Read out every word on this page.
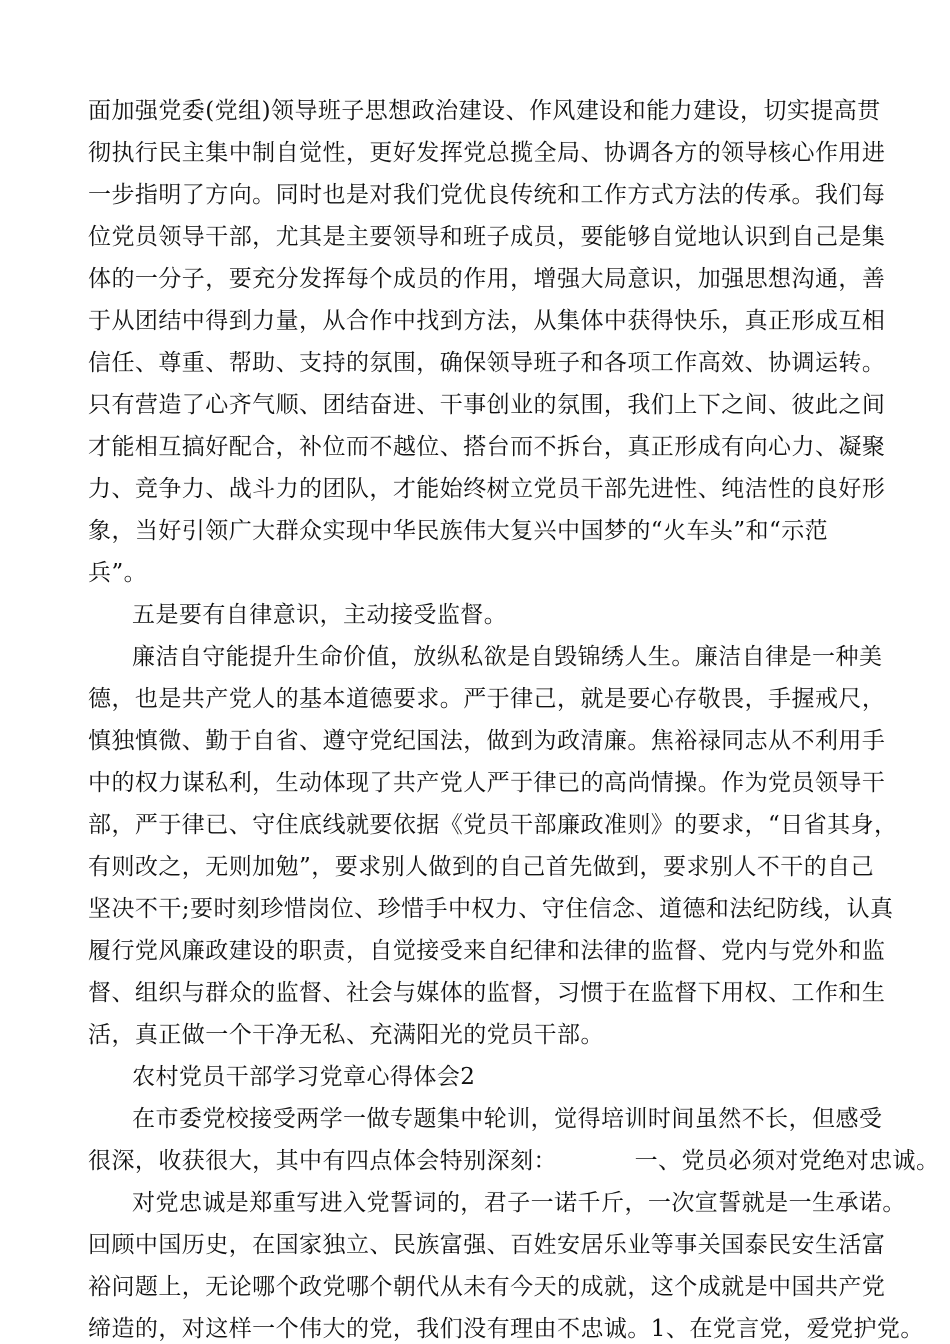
面加强党委(党组)领导班子思想政治建设、作风建设和能力建设，切实提高贯
彻执行民主集中制自觉性，更好发挥党总揽全局、协调各方的领导核心作用进
一步指明了方向。同时也是对我们党优良传统和工作方式方法的传承。我们每
位党员领导干部，尤其是主要领导和班子成员，要能够自觉地认识到自己是集
体的一分子，要充分发挥每个成员的作用，增强大局意识，加强思想沟通，善
于从团结中得到力量，从合作中找到方法，从集体中获得快乐，真正形成互相
信任、尊重、帮助、支持的氛围，确保领导班子和各项工作高效、协调运转。
只有营造了心齐气顺、团结奋进、干事创业的氛围，我们上下之间、彼此之间
才能相互搞好配合，补位而不越位、搭台而不拆台，真正形成有向心力、凝聚
力、竞争力、战斗力的团队，才能始终树立党员干部先进性、纯洁性的良好形
象，当好引领广大群众实现中华民族伟大复兴中国梦的“火车头”和“示范
兵”。
五是要有自律意识，主动接受监督。
廉洁自守能提升生命价值，放纵私欲是自毁锦绣人生。廉洁自律是一种美
德，也是共产党人的基本道德要求。严于律己，就是要心存敬畏，手握戒尺，
慎独慎微、勤于自省、遵守党纪国法，做到为政清廉。焦裕禄同志从不利用手
中的权力谋私利，生动体现了共产党人严于律已的高尚情操。作为党员领导干
部，严于律已、守住底线就要依据《党员干部廉政准则》的要求，“日省其身，
有则改之，无则加勉”，要求别人做到的自己首先做到，要求别人不干的自己
坚决不干;要时刻珍惜岗位、珍惜手中权力、守住信念、道德和法纪防线，认真
履行党风廉政建设的职责，自觉接受来自纪律和法律的监督、党内与党外和监
督、组织与群众的监督、社会与媒体的监督，习惯于在监督下用权、工作和生
活，真正做一个干净无私、充满阳光的党员干部。
农村党员干部学习党章心得体会2
在市委党校接受两学一做专题集中轮训，觉得培训时间虽然不长，但感受
很深，收获很大，其中有四点体会特别深刻：          一、党员必须对党绝对忠诚。
对党忠诚是郑重写进入党誓词的，君子一诺千斤，一次宣誓就是一生承诺。
回顾中国历史，在国家独立、民族富强、百姓安居乐业等事关国泰民安生活富
裕问题上，无论哪个政党哪个朝代从未有今天的成就，这个成就是中国共产党
缔造的，对这样一个伟大的党，我们没有理由不忠诚。1、在党言党，爱党护党。
